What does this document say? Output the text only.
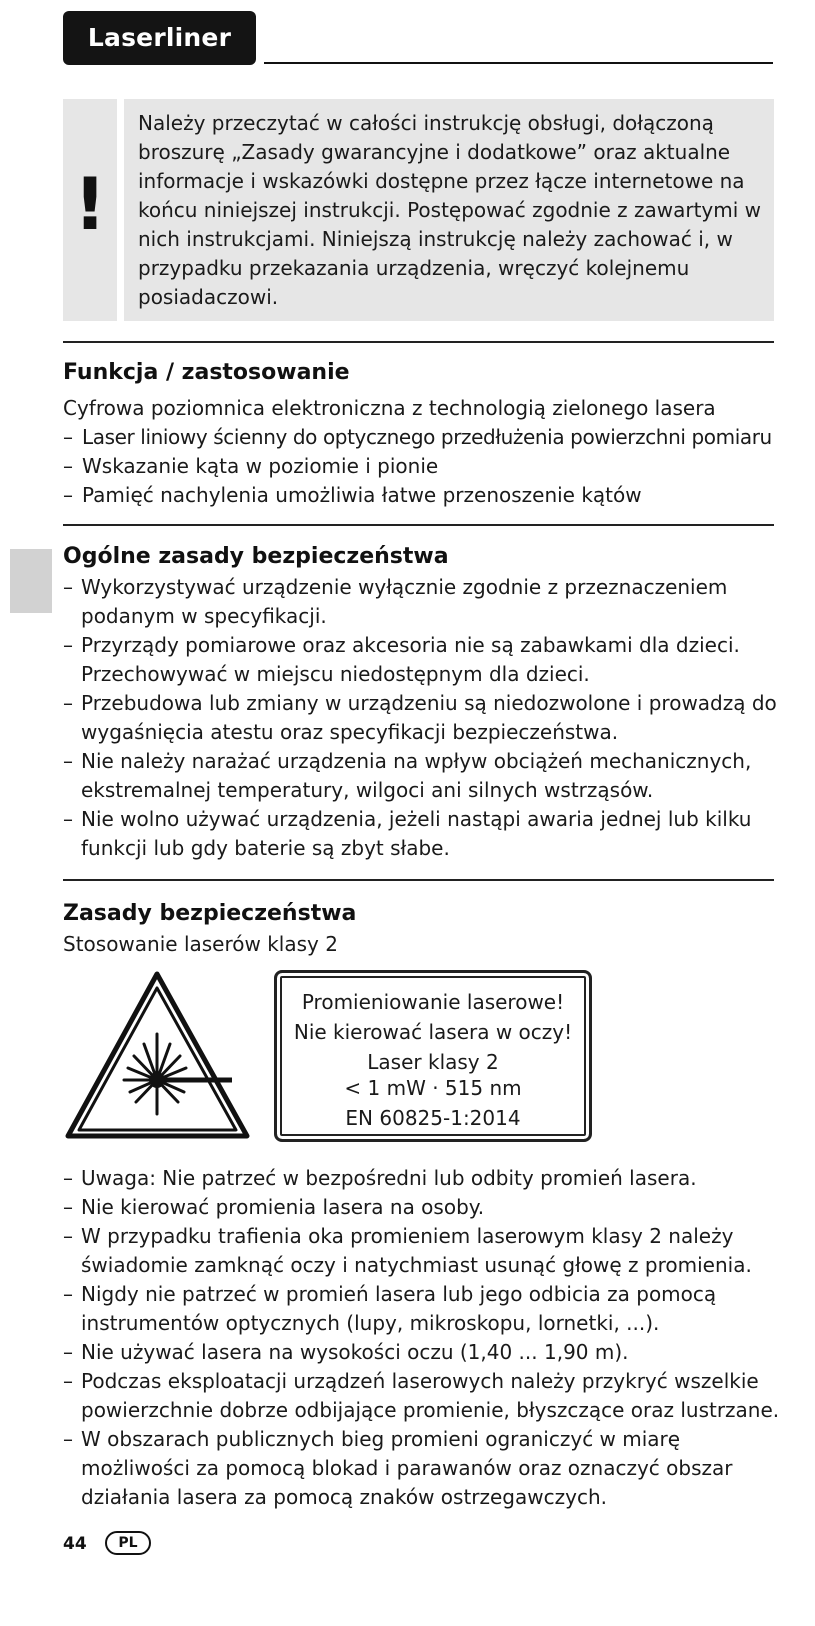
Laserliner
!

Należy przeczytać w całości instrukcję obsługi, dołączoną broszurę „Zasady gwarancyjne i dodatkowe” oraz aktualne informacje i wskazówki dostępne przez łącze internetowe na końcu niniejszej instrukcji. Postępować zgodnie z zawartymi w nich instrukcjami. Niniejszą instrukcję należy zachować i, w przypadku przekazania urządzenia, wręczyć kolejnemu posiadaczowi.

Funkcja / zastosowanie

Cyfrowa poziomnica elektroniczna z technologią zielonego lasera

– Laser liniowy ścienny do optycznego przedłużenia powierzchni pomiaru
– Wskazanie kąta w poziomie i pionie
– Pamięć nachylenia umożliwia łatwe przenoszenie kątów
Ogólne zasady bezpieczeństwa
– Wykorzystywać urządzenie wyłącznie zgodnie z przeznaczeniem podanym w specyfikacji.
– Przyrządy pomiarowe oraz akcesoria nie są zabawkami dla dzieci. Przechowywać w miejscu niedostępnym dla dzieci.
– Przebudowa lub zmiany w urządzeniu są niedozwolone i prowadzą do wygaśnięcia atestu oraz specyfikacji bezpieczeństwa.
– Nie należy narażać urządzenia na wpływ obciążeń mechanicznych, ekstremalnej temperatury, wilgoci ani silnych wstrząsów.
– Nie wolno używać urządzenia, jeżeli nastąpi awaria jednej lub kilku funkcji lub gdy baterie są zbyt słabe.
Zasady bezpieczeństwa

Stosowanie laserów klasy 2

Promieniowanie laserowe!
Nie kierować lasera w oczy!
Laser klasy 2
< 1 mW · 515 nm
EN 60825-1:2014
– Uwaga: Nie patrzeć w bezpośredni lub odbity promień lasera.
– Nie kierować promienia lasera na osoby.
– W przypadku trafienia oka promieniem laserowym klasy 2 należy świadomie zamknąć oczy i natychmiast usunąć głowę z promienia.
– Nigdy nie patrzeć w promień lasera lub jego odbicia za pomocą instrumentów optycznych (lupy, mikroskopu, lornetki, ...).
– Nie używać lasera na wysokości oczu (1,40 ... 1,90 m).
– Podczas eksploatacji urządzeń laserowych należy przykryć wszelkie powierzchnie dobrze odbijające promienie, błyszczące oraz lustrzane.
– W obszarach publicznych bieg promieni ograniczyć w miarę możliwości za pomocą blokad i parawanów oraz oznaczyć obszar działania lasera za pomocą znaków ostrzegawczych.
44	PL
